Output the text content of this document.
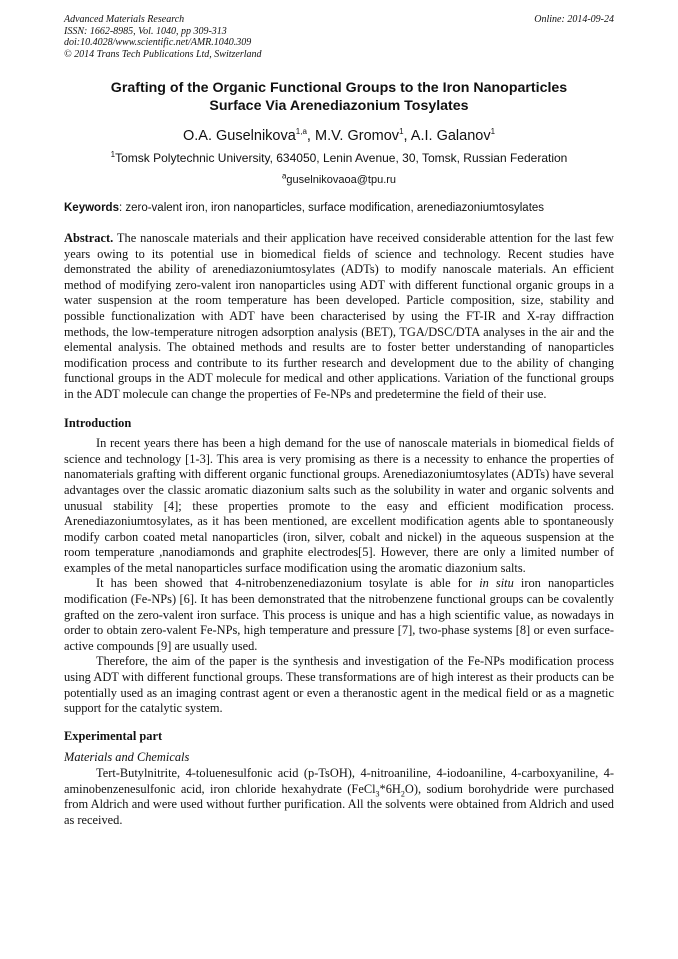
Advanced Materials Research
ISSN: 1662-8985, Vol. 1040, pp 309-313
doi:10.4028/www.scientific.net/AMR.1040.309
© 2014 Trans Tech Publications Ltd, Switzerland
Online: 2014-09-24
Grafting of the Organic Functional Groups to the Iron Nanoparticles
Surface Via Arenediazonium Tosylates
O.A. Guselnikova$^{1,a}$, M.V. Gromov$^1$, A.I. Galanov$^1$
$^1$Tomsk Polytechnic University, 634050, Lenin Avenue, 30, Tomsk, Russian Federation
$^a$guselnikovaoa@tpu.ru
Keywords: zero-valent iron, iron nanoparticles, surface modification, arenediazoniumtosylates
Abstract. The nanoscale materials and their application have received considerable attention for the last few years owing to its potential use in biomedical fields of science and technology. Recent studies have demonstrated the ability of arenediazoniumtosylates (ADTs) to modify nanoscale materials. An efficient method of modifying zero-valent iron nanoparticles using ADT with different functional organic groups in a water suspension at the room temperature has been developed. Particle composition, size, stability and possible functionalization with ADT have been characterised by using the FT-IR and X-ray diffraction methods, the low-temperature nitrogen adsorption analysis (BET), TGA/DSC/DTA analyses in the air and the elemental analysis. The obtained methods and results are to foster better understanding of nanoparticles modification process and contribute to its further research and development due to the ability of changing functional groups in the ADT molecule for medical and other applications. Variation of the functional groups in the ADT molecule can change the properties of Fe-NPs and predetermine the field of their use.
Introduction

In recent years there has been a high demand for the use of nanoscale materials in biomedical fields of science and technology [1-3]. This area is very promising as there is a necessity to enhance the properties of nanomaterials grafting with different organic functional groups. Arenediazoniumtosylates (ADTs) have several advantages over the classic aromatic diazonium salts such as the solubility in water and organic solvents and unusual stability [4]; these properties promote to the easy and efficient modification process. Arenediazoniumtosylates, as it has been mentioned, are excellent modification agents able to spontaneously modify carbon coated metal nanoparticles (iron, silver, cobalt and nickel) in the aqueous suspension at the room temperature ,nanodiamonds and graphite electrodes[5]. However, there are only a limited number of examples of the metal nanoparticles surface modification using the aromatic diazonium salts.

It has been showed that 4-nitrobenzenediazonium tosylate is able for in situ iron nanoparticles modification (Fe-NPs) [6]. It has been demonstrated that the nitrobenzene functional groups can be covalently grafted on the zero-valent iron surface. This process is unique and has a high scientific value, as nowadays in order to obtain zero-valent Fe-NPs, high temperature and pressure [7], two-phase systems [8] or even surface-active compounds [9] are usually used.

Therefore, the aim of the paper is the synthesis and investigation of the Fe-NPs modification process using ADT with different functional groups. These transformations are of high interest as their products can be potentially used as an imaging contrast agent or even a theranostic agent in the medical field or as a magnetic support for the catalytic system.

Experimental part
Materials and Chemicals

Tert-Butylnitrite, 4-toluenesulfonic acid (p-TsOH), 4-nitroaniline, 4-iodoaniline, 4-carboxyaniline, 4-aminobenzenesulfonic acid, iron chloride hexahydrate $(FeCl_3*6H_2O)$, sodium borohydride were purchased from Aldrich and were used without further purification. All the solvents were obtained from Aldrich and used as received.
